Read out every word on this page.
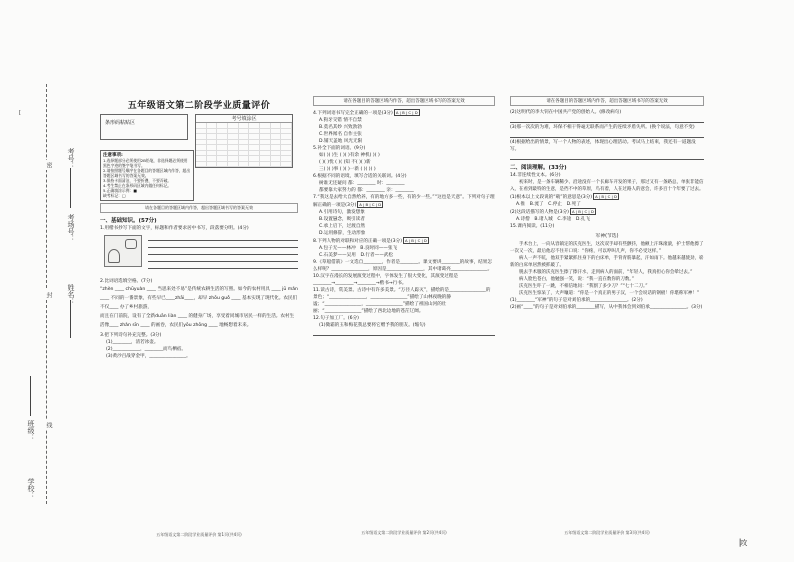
密
封
线
考号：
考场号：
姓名：
班级：
学校：
[
五年级语文第二阶段学业质量评价
条形码粘贴区
考号填涂区
注意事项:
1.选择题部分必须使用2B铅笔，非选择题必须使用黑色字迹的签字笔书写。
2.请按照题号顺序在各题目的答题区域内作答，超出答题区域书写的答案无效。
3.保持卡面清洁，不要折叠，不要弄破。
4.考生禁止在条形码区域内做任何标记。
5.正确填涂示例：■
缺考标记：□
请在各题目的答题区域内作答，超出答题区域书写的答案无效
一、基础知识。(57分)
1.用楷书抄写下面的文字，标题和作者要求居中书写，段落要分明。(4分)
2.比词语选填空格。(7分)
“zhèn ____ chūyuàn ____ 当思来处不易”是传统农耕生活的写照。如今的农村用具 ____ jū mǎn ____ 不同的一番景象，有些早已____zhāi____，却早 zhōu guǒ ____ 基本实现了现代化。农民们不仅____ 办了乡村旅游，
而且在门前院，设有了全新duān liàn ____ 的健身广场，享受着同城市居民一样的生活。农村生活像____ zhǎn sīn ____ 的画卷，农民们yōu zhōng ____ 地畅想着未来。
3.把下列诗句补充完整。(3分)
(1)________，清若冰壶。
(2)____________，________而鸟栖宿。
(3)黄沙百战穿金甲，________________。
五年级语文第二阶段学业质量评价 第1页(共4页)
请在各题目的答题区域内作答，超出答题区域书写的答案无效
4.下列词语书写完全正确的一项是(3分) A | B | C | D
A.狗牙交错 情不自禁
B.莫名其妙 兴致勃勃
C.世界闻名 自作主张
D.铺天盖地 风光无限
5.补全下面的词语。(9分)
如( )( )生 ( )( )有余 神机( )( )
( )( )忧 ( )( )知 不( )( )新
三( )( )事 ( )( )一新 ( )( )( )
6.根据不同的语境，填写合适的关联词。(4分)
树谁无还疑问 都：________ 时：________
都要靠大家努力的 都：________ 亲：________
7.“我这是去给大自然给养，有的地方多一些，有的少一些。”“这也是天意”。下列对句子理解正确的一项是(3分) A | B | C | D
A.引用诗句，激发想象
B.设置悬念，吸引读者
C.承上启下，过渡自然
D.运用修辞，生动形象
8.下列人物的对联和对应的正确一项是(3分) A | B | C | D
A.包子无——林冲　 B.良时同——张飞
C.石美梦——吴用　 D.行者——武松
9.《草船借箭》一文选自________，作者是________。课文要讲________的故事，结果怎么样呢？________________，原因是________________，其中诸葛亮________________。
10.汉字在漫长的发展演变过程中，字体发生了很大变化，其演变过程是________→________→________→楷书→行书。
11.读古诗，赏美景。古诗中有许多美景。“万径人踪灭”，描绘的是________________的景色；“________________，________________”描绘了山林夜晚的静谧；“________________，________________”描绘了祖国山河的壮丽；“________________”描绘了西北边地的苍茫辽阔。
12.句子加工厂。(6分)
(1)微霜的玉和梅花我总要将它赠予我的朋友。(缩句)
五年级语文第二阶段学业质量评价 第2页(共4页)
请在各题目的答题区域内作答，超出答题区域书写的答案无效
(2)这明代的李大钊在中国共产党的创始人。(修改病句)
(3)那一次次的为难，环保不相干得毫无联系而产生的连续矛盾失所。(换个说法，句意不变)
(4)根据给出的情景，写一个人物的表述，体现出心理活动。考试马上结束，我还有一道题没写。
二、阅读理解。(33分)
14.非连续性文本。(6分)
初来时，是一条车辆稀少、沿途没有一个长廊车开发的果子，那过又有一条路总，单张非能信入，在看到最特的生意，是挡不中的草原，鸟有着，人在过路人的意会，许多百十个年要了过去。
(1)根本以上文段说的“载”的意思是(3分) A | B | C | D
A.推　 B.流了　 C.停止　 D.死了
(2)这段话描写的人物是(3分) A | B | C | D
A.诗僧　 B.诸人城　 C.李逵　 D.孔飞
15.课内阅读。(11分)
军神(节选)
手术台上，一向从容镇定的沃克医生，这次双手却有些颤抖，他额上汗珠滚滚，护士帮他擦了一次又一次，最后他忍不住开口说：“你疼，可以哼叫几声，你不必受这样。”
病人一声不吭，他双手紧紧抓住身下的白床单，手背青筋暴起，汗如雨下。他越来越使劲，崭新的白床单居然被抓破了。
脱去手术服的沃克医生擦了擦汗水，走到病人的面前，“年轻人，我真担心你会晕过去。”
病人脸色苍白，他勉强一笑，说：“我一直在数你的刀数。”
沃克医生吓了一跳，不相信地问：“我割了多少刀？”“七十二刀。”
沃克医生惊呆了，大声嚷道：“你是一个真正的男子汉，一个会说话的钢板！你堪称军神！”
(1)________“军神”的句子是对刘伯承的________________。(2分)
(2)画“____”的句子是对刘伯承的________描写，从中我体会到刘伯承________________。(3分)
五年级语文第二阶段学业质量评价 第3页(共4页)
▕攻
